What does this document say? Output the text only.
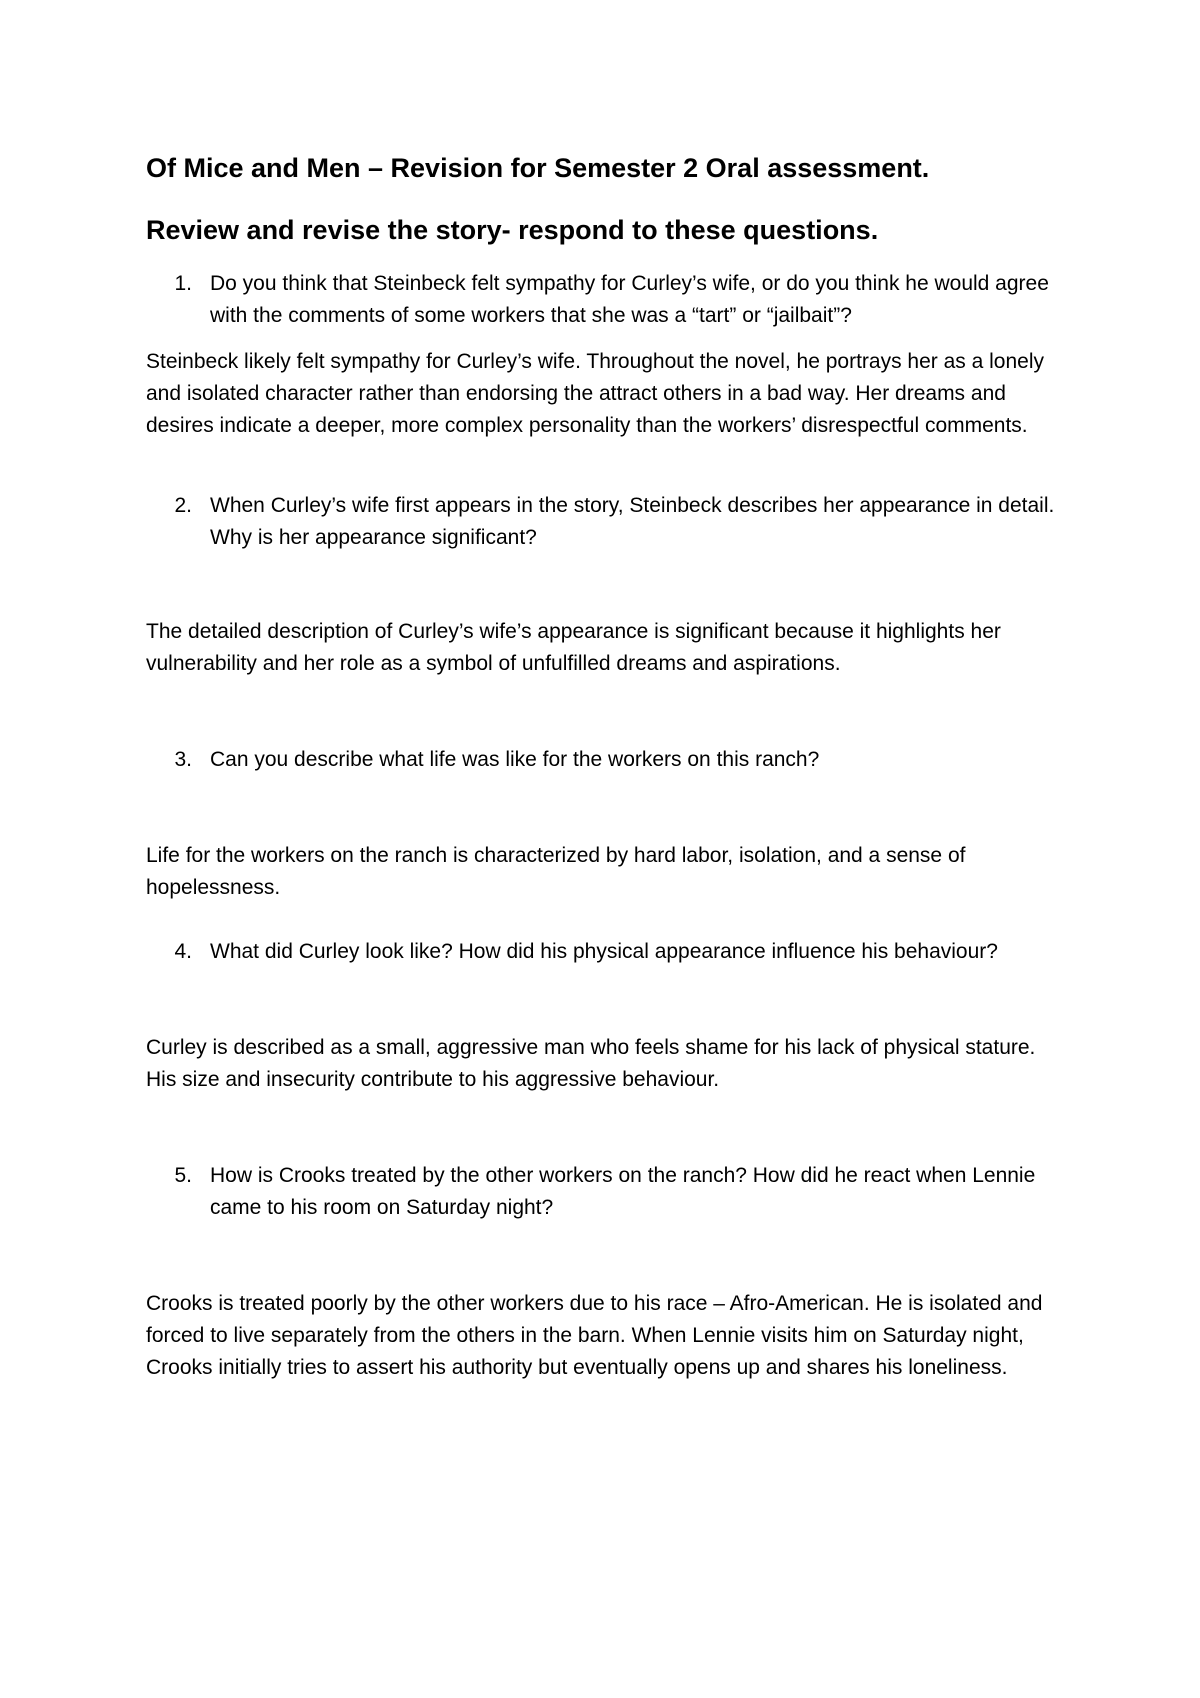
Of Mice and Men – Revision for Semester 2 Oral assessment.
Review and revise the story- respond to these questions.
1. Do you think that Steinbeck felt sympathy for Curley’s wife, or do you think he would agree with the comments of some workers that she was a “tart” or “jailbait”?

Steinbeck likely felt sympathy for Curley’s wife. Throughout the novel, he portrays her as a lonely and isolated character rather than endorsing the attract others in a bad way. Her dreams and desires indicate a deeper, more complex personality than the workers’ disrespectful comments.

2. When Curley’s wife first appears in the story, Steinbeck describes her appearance in detail. Why is her appearance significant?

The detailed description of Curley’s wife’s appearance is significant because it highlights her vulnerability and her role as a symbol of unfulfilled dreams and aspirations.

3. Can you describe what life was like for the workers on this ranch?

Life for the workers on the ranch is characterized by hard labor, isolation, and a sense of hopelessness.

4. What did Curley look like? How did his physical appearance influence his behaviour?

Curley is described as a small, aggressive man who feels shame for his lack of physical stature. His size and insecurity contribute to his aggressive behaviour.

5. How is Crooks treated by the other workers on the ranch? How did he react when Lennie came to his room on Saturday night?

Crooks is treated poorly by the other workers due to his race – Afro-American. He is isolated and forced to live separately from the others in the barn. When Lennie visits him on Saturday night, Crooks initially tries to assert his authority but eventually opens up and shares his loneliness.
